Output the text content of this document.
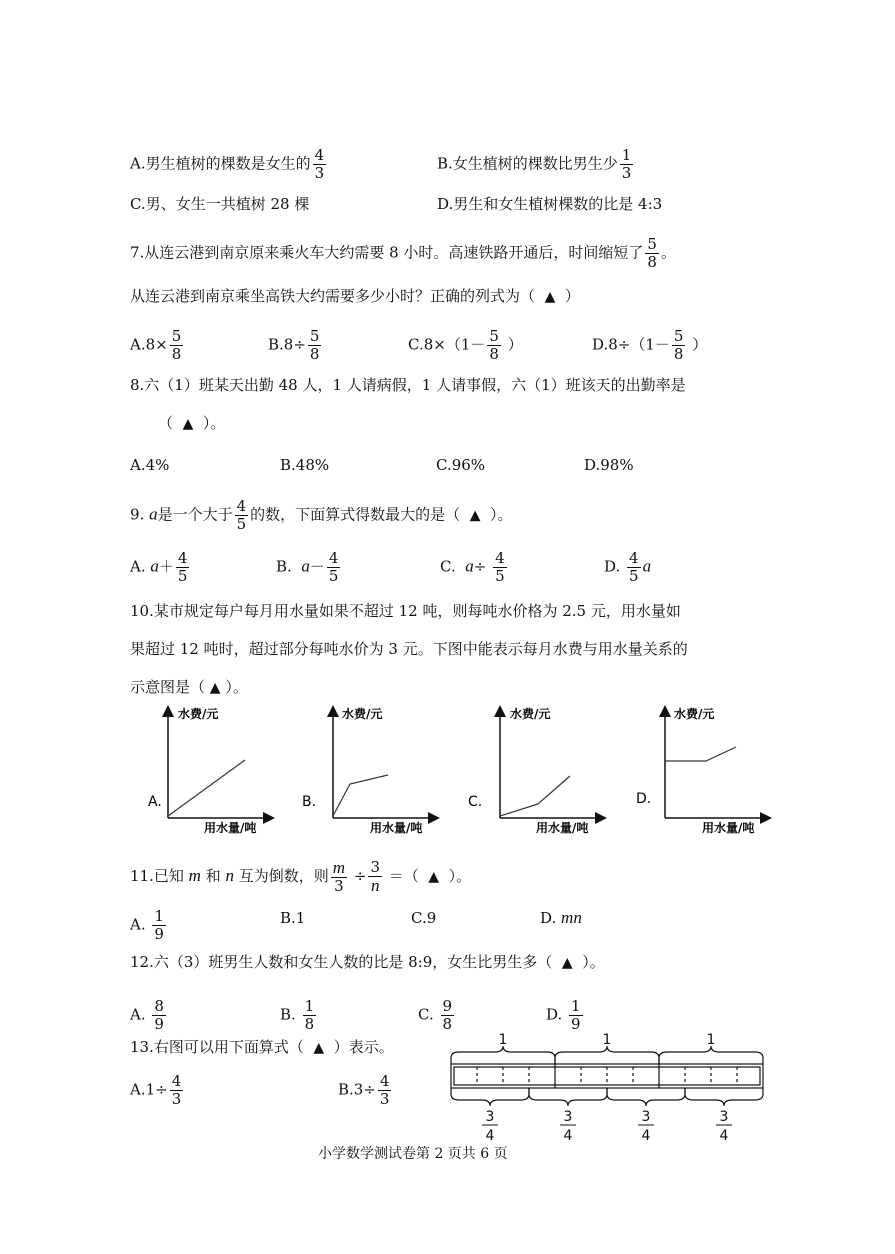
A.男生植树的棵数是女生的 $\frac{4}{3}$	B.女生植树的棵数比男生少 $\frac{1}{3}$
C.男、女生一共植树 28 棵	D.男生和女生植树棵数的比是 4:3
7.从连云港到南京原来乘火车大约需要 8 小时。高速铁路开通后，时间缩短了 $\frac{5}{8}$ 。
从连云港到南京乘坐高铁大约需要多少小时？正确的列式为（ ▲ ）
$A.8\times \frac{5}{8}$	$B.8\div \frac{5}{8}$	$C.8\times(1- \frac{5}{8}$ ）	$D.8\div(1- \frac{5}{8}$ ）
8.六（1）班某天出勤 48 人，1 人请病假，1 人请事假，六（1）班该天的出勤率是
（ ▲ ）。
A.4%	B.48%	C.96%	D.98%
9. a是一个大于 $\frac{4}{5}$ 的数，下面算式得数最大的是（ ▲ ）。
A. $a+ \frac{4}{5}$	B. $a- \frac{4}{5}$	C. $a\div \frac{4}{5}$	D. $\frac{4}{5}$ a
10.某市规定每户每月用水量如果不超过 12 吨，则每吨水价格为 2.5 元，用水量如
果超过 12 吨时，超过部分每吨水价为 3 元。下图中能表示每月水费与用水量关系的
示意图是（ ▲ ）。
水费/元
用水量/吨
A.
水费/元
用水量/吨
B.
水费/元
用水量/吨
C.
水费/元
用水量/吨
D.
11.已知 m 和 n 互为倒数，则 $\frac{m}{3} \div \frac{3}{n}$ ＝（ ▲ ）。
A. $\frac{1}{9}$	B.1	C.9	D. mn
12.六（3）班男生人数和女生人数的比是 8:9，女生比男生多（ ▲ ）。
A. $\frac{8}{9}$	B. $\frac{1}{8}$	C. $\frac{9}{8}$	D. $\frac{1}{9}$
13.右图可以用下面算式（ ▲ ）表示。
$A.1\div \frac{4}{3}$	$B.3\div \frac{4}{3}$
1	1	1
3
4
3
4
3
4
3
4
小学数学测试卷第 2 页共 6 页
